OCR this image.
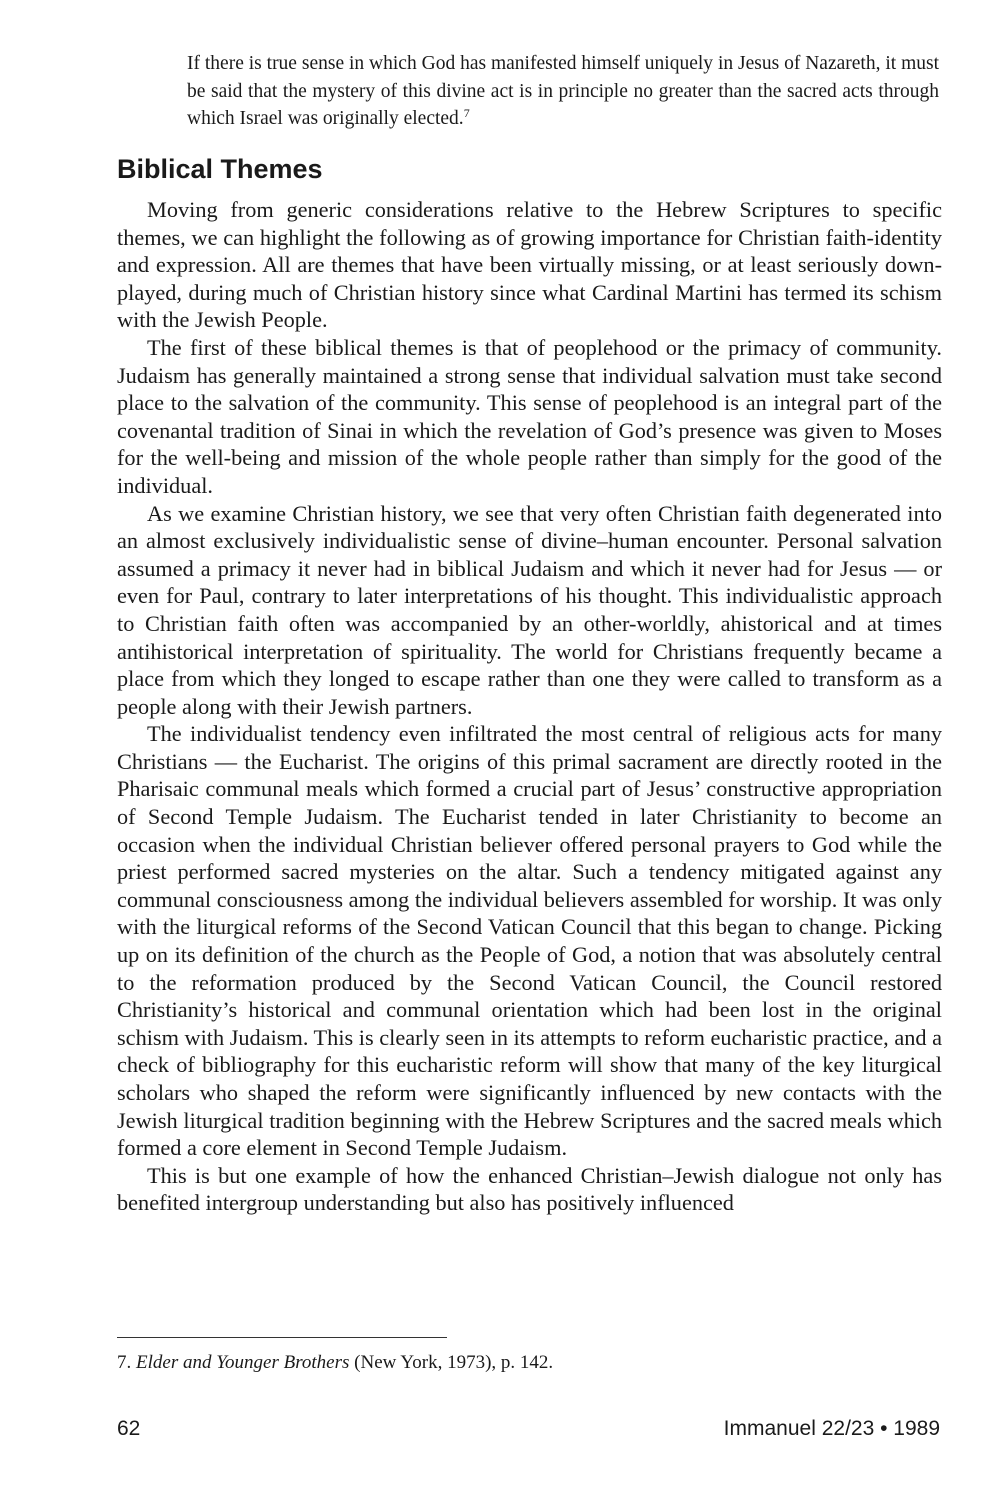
If there is true sense in which God has manifested himself uniquely in Jesus of Nazareth, it must be said that the mystery of this divine act is in principle no greater than the sacred acts through which Israel was originally elected.$^7$
Biblical Themes

Moving from generic considerations relative to the Hebrew Scriptures to specific themes, we can highlight the following as of growing importance for Christian faith-identity and expression. All are themes that have been virtually missing, or at least seriously down-played, during much of Christian history since what Cardinal Martini has termed its schism with the Jewish People.

The first of these biblical themes is that of peoplehood or the primacy of community. Judaism has generally maintained a strong sense that individual salvation must take second place to the salvation of the community. This sense of peoplehood is an integral part of the covenantal tradition of Sinai in which the revelation of God’s presence was given to Moses for the well-being and mission of the whole people rather than simply for the good of the individual.

As we examine Christian history, we see that very often Christian faith degenerated into an almost exclusively individualistic sense of divine–human encounter. Personal salvation assumed a primacy it never had in biblical Judaism and which it never had for Jesus — or even for Paul, contrary to later interpretations of his thought. This individualistic approach to Christian faith often was accompanied by an other-worldly, ahistorical and at times antihistorical interpretation of spirituality. The world for Christians frequently became a place from which they longed to escape rather than one they were called to transform as a people along with their Jewish partners.

The individualist tendency even infiltrated the most central of religious acts for many Christians — the Eucharist. The origins of this primal sacrament are directly rooted in the Pharisaic communal meals which formed a crucial part of Jesus’ constructive appropriation of Second Temple Judaism. The Eucharist tended in later Christianity to become an occasion when the individual Christian believer offered personal prayers to God while the priest performed sacred mysteries on the altar. Such a tendency mitigated against any communal consciousness among the individual believers assembled for worship. It was only with the liturgical reforms of the Second Vatican Council that this began to change. Picking up on its definition of the church as the People of God, a notion that was absolutely central to the reformation produced by the Second Vatican Council, the Council restored Christianity’s historical and communal orientation which had been lost in the original schism with Judaism. This is clearly seen in its attempts to reform eucharistic practice, and a check of bibliography for this eucharistic reform will show that many of the key liturgical scholars who shaped the reform were significantly influenced by new contacts with the Jewish liturgical tradition beginning with the Hebrew Scriptures and the sacred meals which formed a core element in Second Temple Judaism.

This is but one example of how the enhanced Christian–Jewish dialogue not only has benefited intergroup understanding but also has positively influenced

7. Elder and Younger Brothers (New York, 1973), p. 142.
62	Immanuel 22/23 • 1989
